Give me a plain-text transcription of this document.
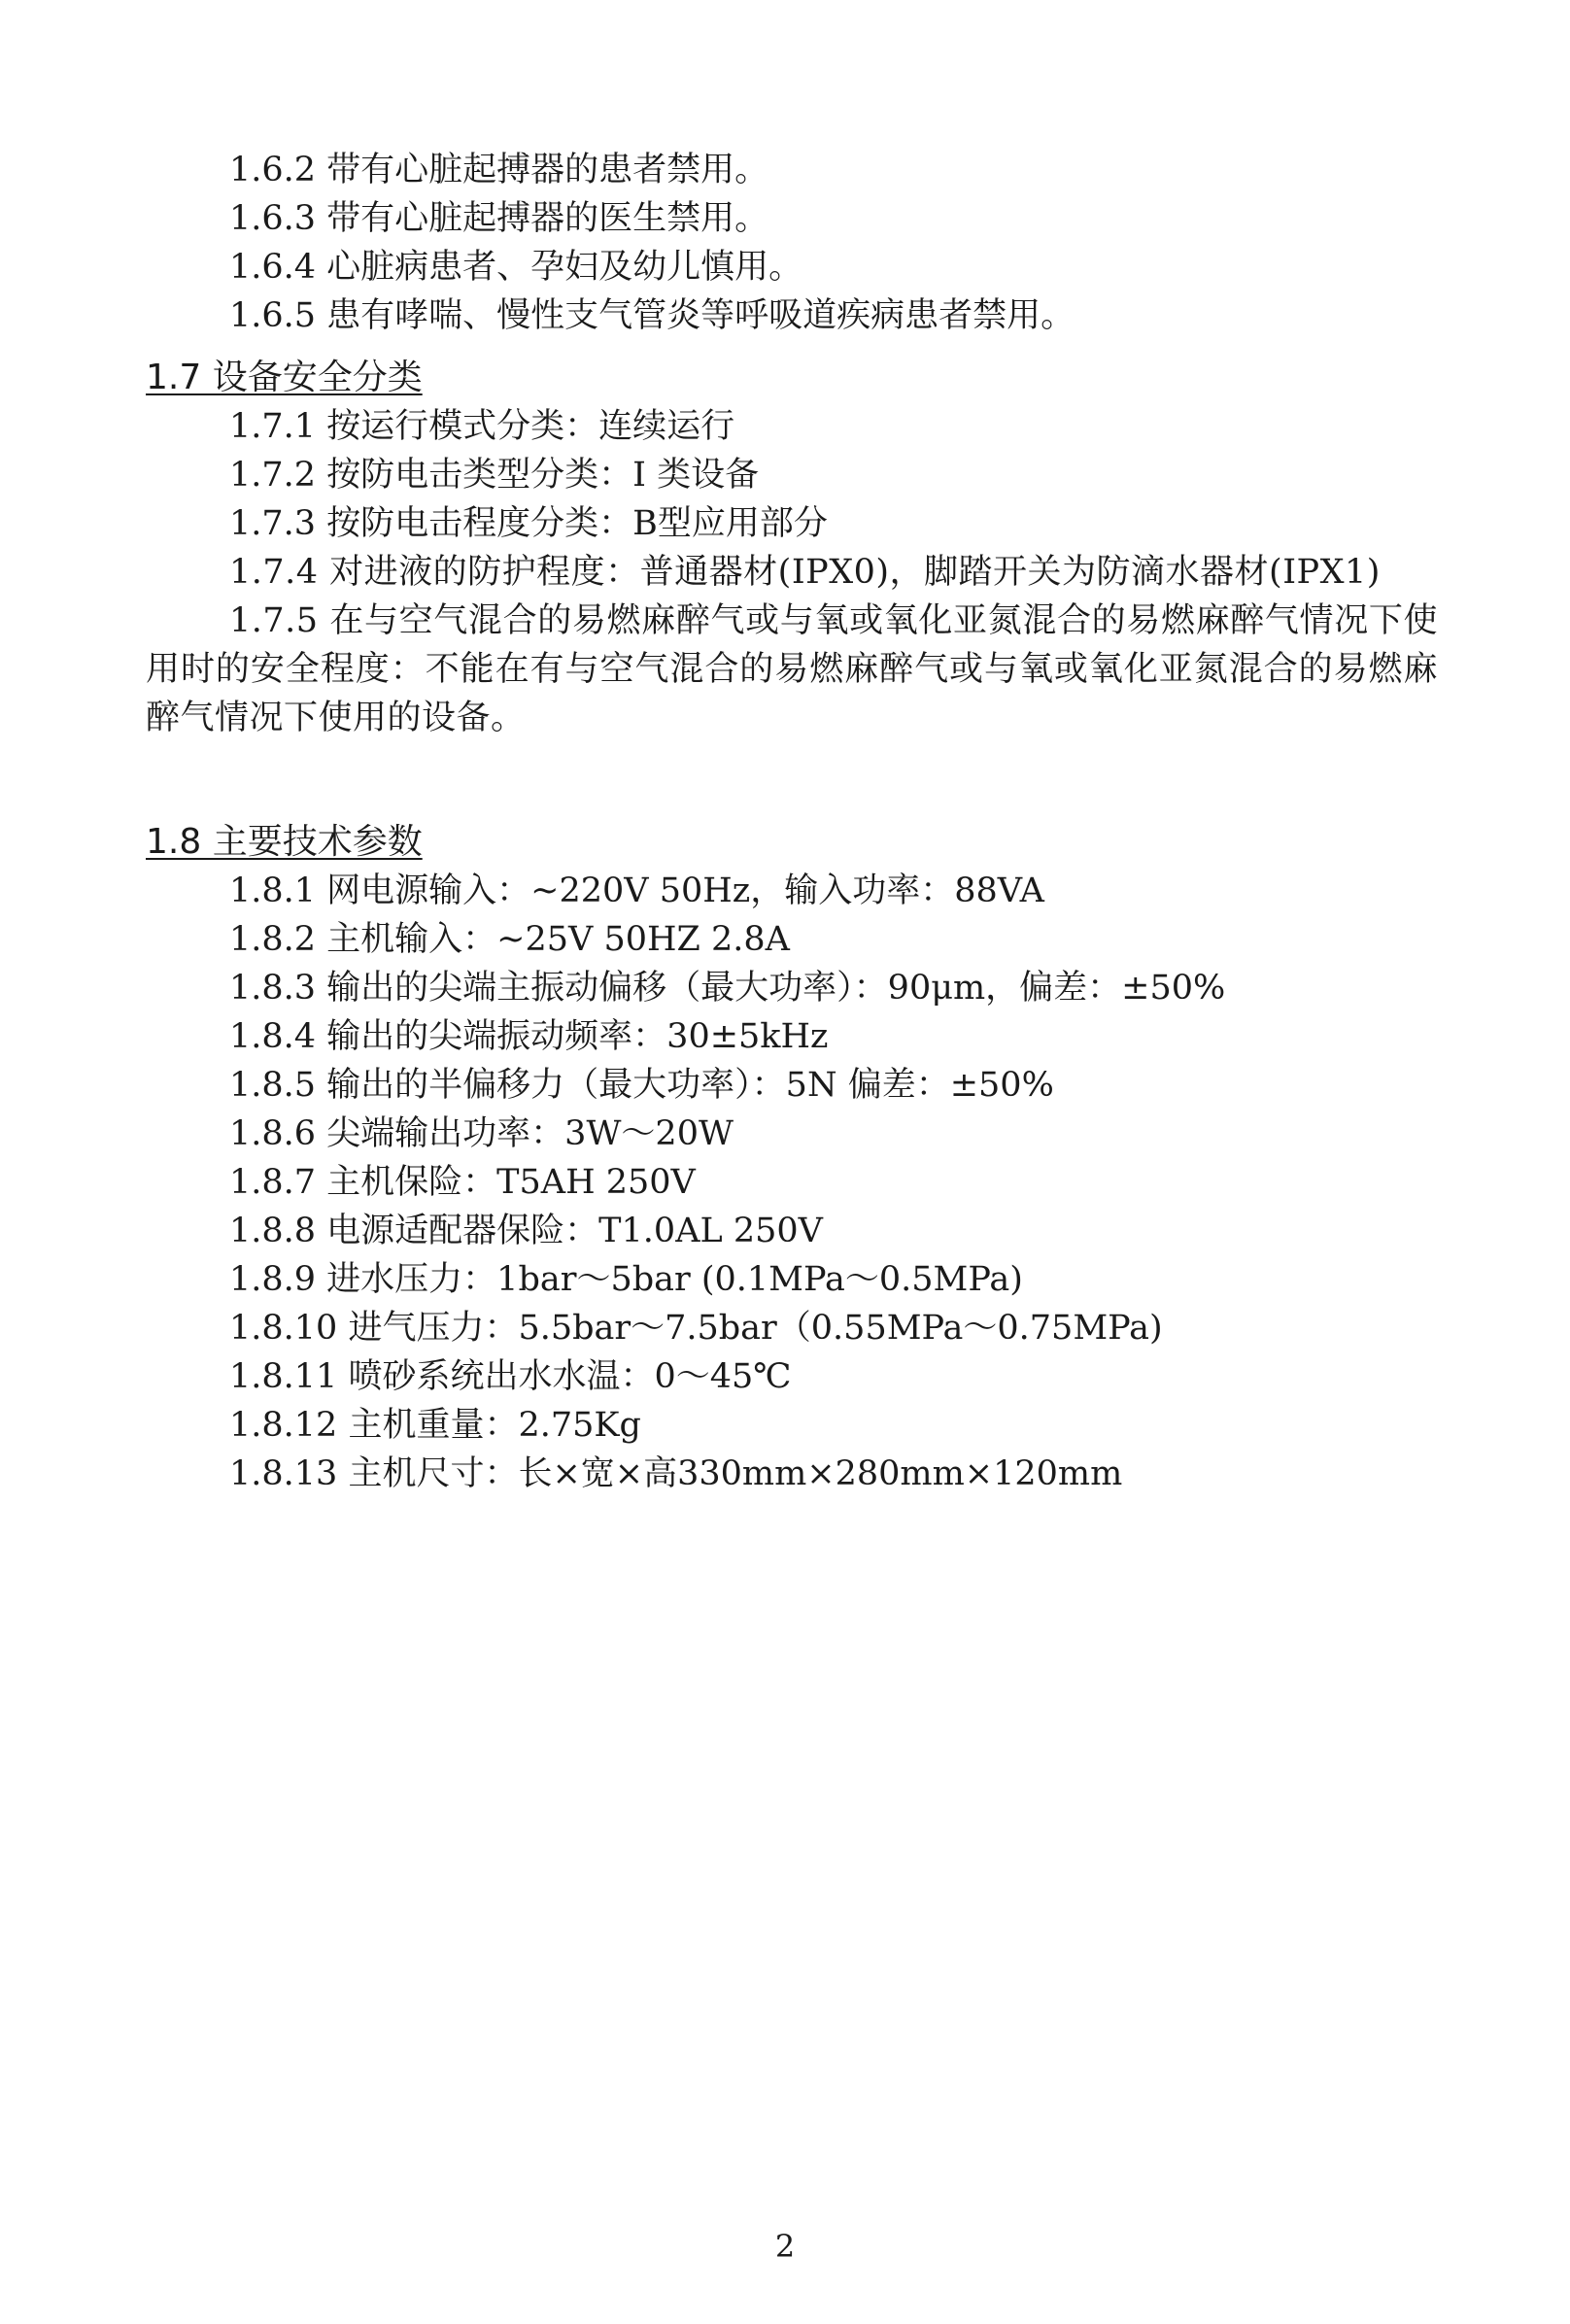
1.6.2 带有心脏起搏器的患者禁用。
1.6.3 带有心脏起搏器的医生禁用。
1.6.4 心脏病患者、孕妇及幼儿慎用。
1.6.5 患有哮喘、慢性支气管炎等呼吸道疾病患者禁用。
1.7 设备安全分类
1.7.1 按运行模式分类：连续运行
1.7.2 按防电击类型分类：I 类设备
1.7.3 按防电击程度分类：B型应用部分
1.7.4 对进液的防护程度：普通器材(IPX0)，脚踏开关为防滴水器材(IPX1)
1.7.5 在与空气混合的易燃麻醉气或与氧或氧化亚氮混合的易燃麻醉气情况下使用时的安全程度：不能在有与空气混合的易燃麻醉气或与氧或氧化亚氮混合的易燃麻醉气情况下使用的设备。
1.8 主要技术参数
1.8.1 网电源输入：~220V 50Hz，输入功率：88VA
1.8.2 主机输入：~25V 50HZ 2.8A
1.8.3 输出的尖端主振动偏移（最大功率）：90μm，偏差：±50%
1.8.4 输出的尖端振动频率：30±5kHz
1.8.5 输出的半偏移力（最大功率）：5N 偏差：±50%
1.8.6 尖端输出功率：3W～20W
1.8.7 主机保险：T5AH 250V
1.8.8 电源适配器保险：T1.0AL 250V
1.8.9 进水压力：1bar～5bar (0.1MPa～0.5MPa)
1.8.10 进气压力：5.5bar～7.5bar（0.55MPa～0.75MPa)
1.8.11 喷砂系统出水水温：0～45℃
1.8.12 主机重量：2.75Kg
1.8.13 主机尺寸：长×宽×高330mm×280mm×120mm
2
